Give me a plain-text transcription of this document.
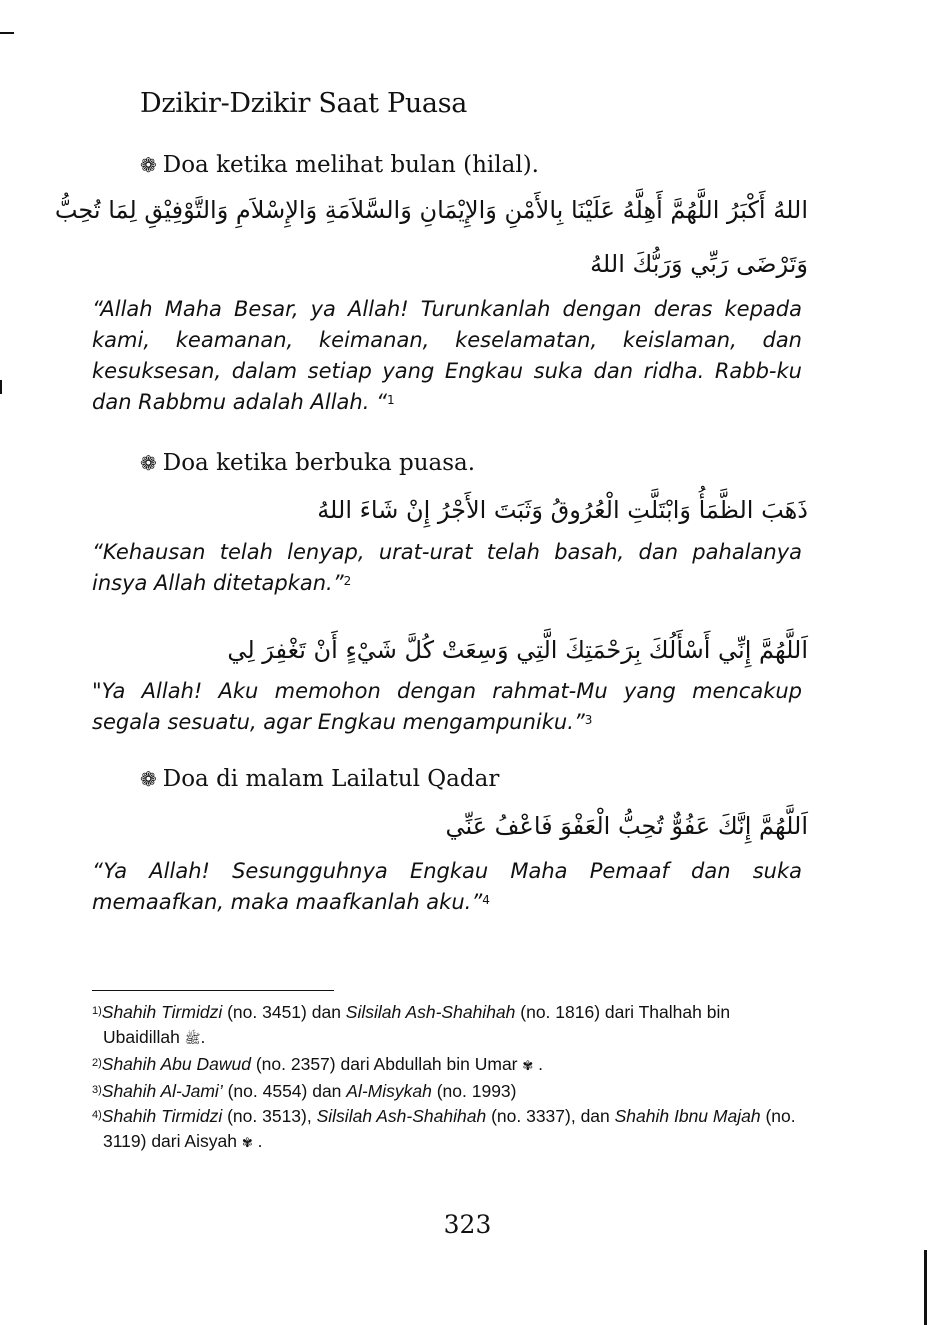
Dzikir-Dzikir Saat Puasa
❁ Doa ketika melihat bulan (hilal).
اللهُ أَكْبَرُ اللَّهُمَّ أَهِلَّهُ عَلَيْنَا بِالأَمْنِ وَالإِيْمَانِ وَالسَّلاَمَةِ وَالإِسْلاَمِ وَالتَّوْفِيْقِ لِمَا تُحِبُّ
وَتَرْضَى رَبِّي وَرَبُّكَ اللهُ
“Allah Maha Besar, ya Allah! Turunkanlah dengan deras kepada kami, keamanan, keimanan, keselamatan, keislaman, dan kesuksesan, dalam setiap yang Engkau suka dan ridha. Rabb-ku dan Rabbmu adalah Allah. “$^1$
❁ Doa ketika berbuka puasa.
ذَهَبَ الظَّمَأُ وَابْتَلَّتِ الْعُرُوقُ وَثَبَتَ الأَجْرُ إِنْ شَاءَ اللهُ
“Kehausan telah lenyap, urat-urat telah basah, dan pahalanya insya Allah ditetapkan.”$^2$
اَللَّهُمَّ إِنِّي أَسْأَلُكَ بِرَحْمَتِكَ الَّتِي وَسِعَتْ كُلَّ شَيْءٍ أَنْ تَغْفِرَ لِي
"Ya Allah! Aku memohon dengan rahmat-Mu yang mencakup segala sesuatu, agar Engkau mengampuniku.”$^3$
❁ Doa di malam Lailatul Qadar
اَللَّهُمَّ إِنَّكَ عَفُوٌّ تُحِبُّ الْعَفْوَ فَاعْفُ عَنِّي
“Ya Allah! Sesungguhnya Engkau Maha Pemaaf dan suka memaafkan, maka maafkanlah aku.”$^4$
$^{1)}$Shahih Tirmidzi (no. 3451) dan Silsilah Ash-Shahihah (no. 1816) dari Thalhah bin Ubaidillah ﷺ.
$^{2)}$Shahih Abu Dawud (no. 2357) dari Abdullah bin Umar ✾ .
$^{3)}$Shahih Al-Jami’ (no. 4554) dan Al-Misykah (no. 1993)
$^{4)}$Shahih Tirmidzi (no. 3513), Silsilah Ash-Shahihah (no. 3337), dan Shahih Ibnu Majah (no. 3119) dari Aisyah ✾ .
323
